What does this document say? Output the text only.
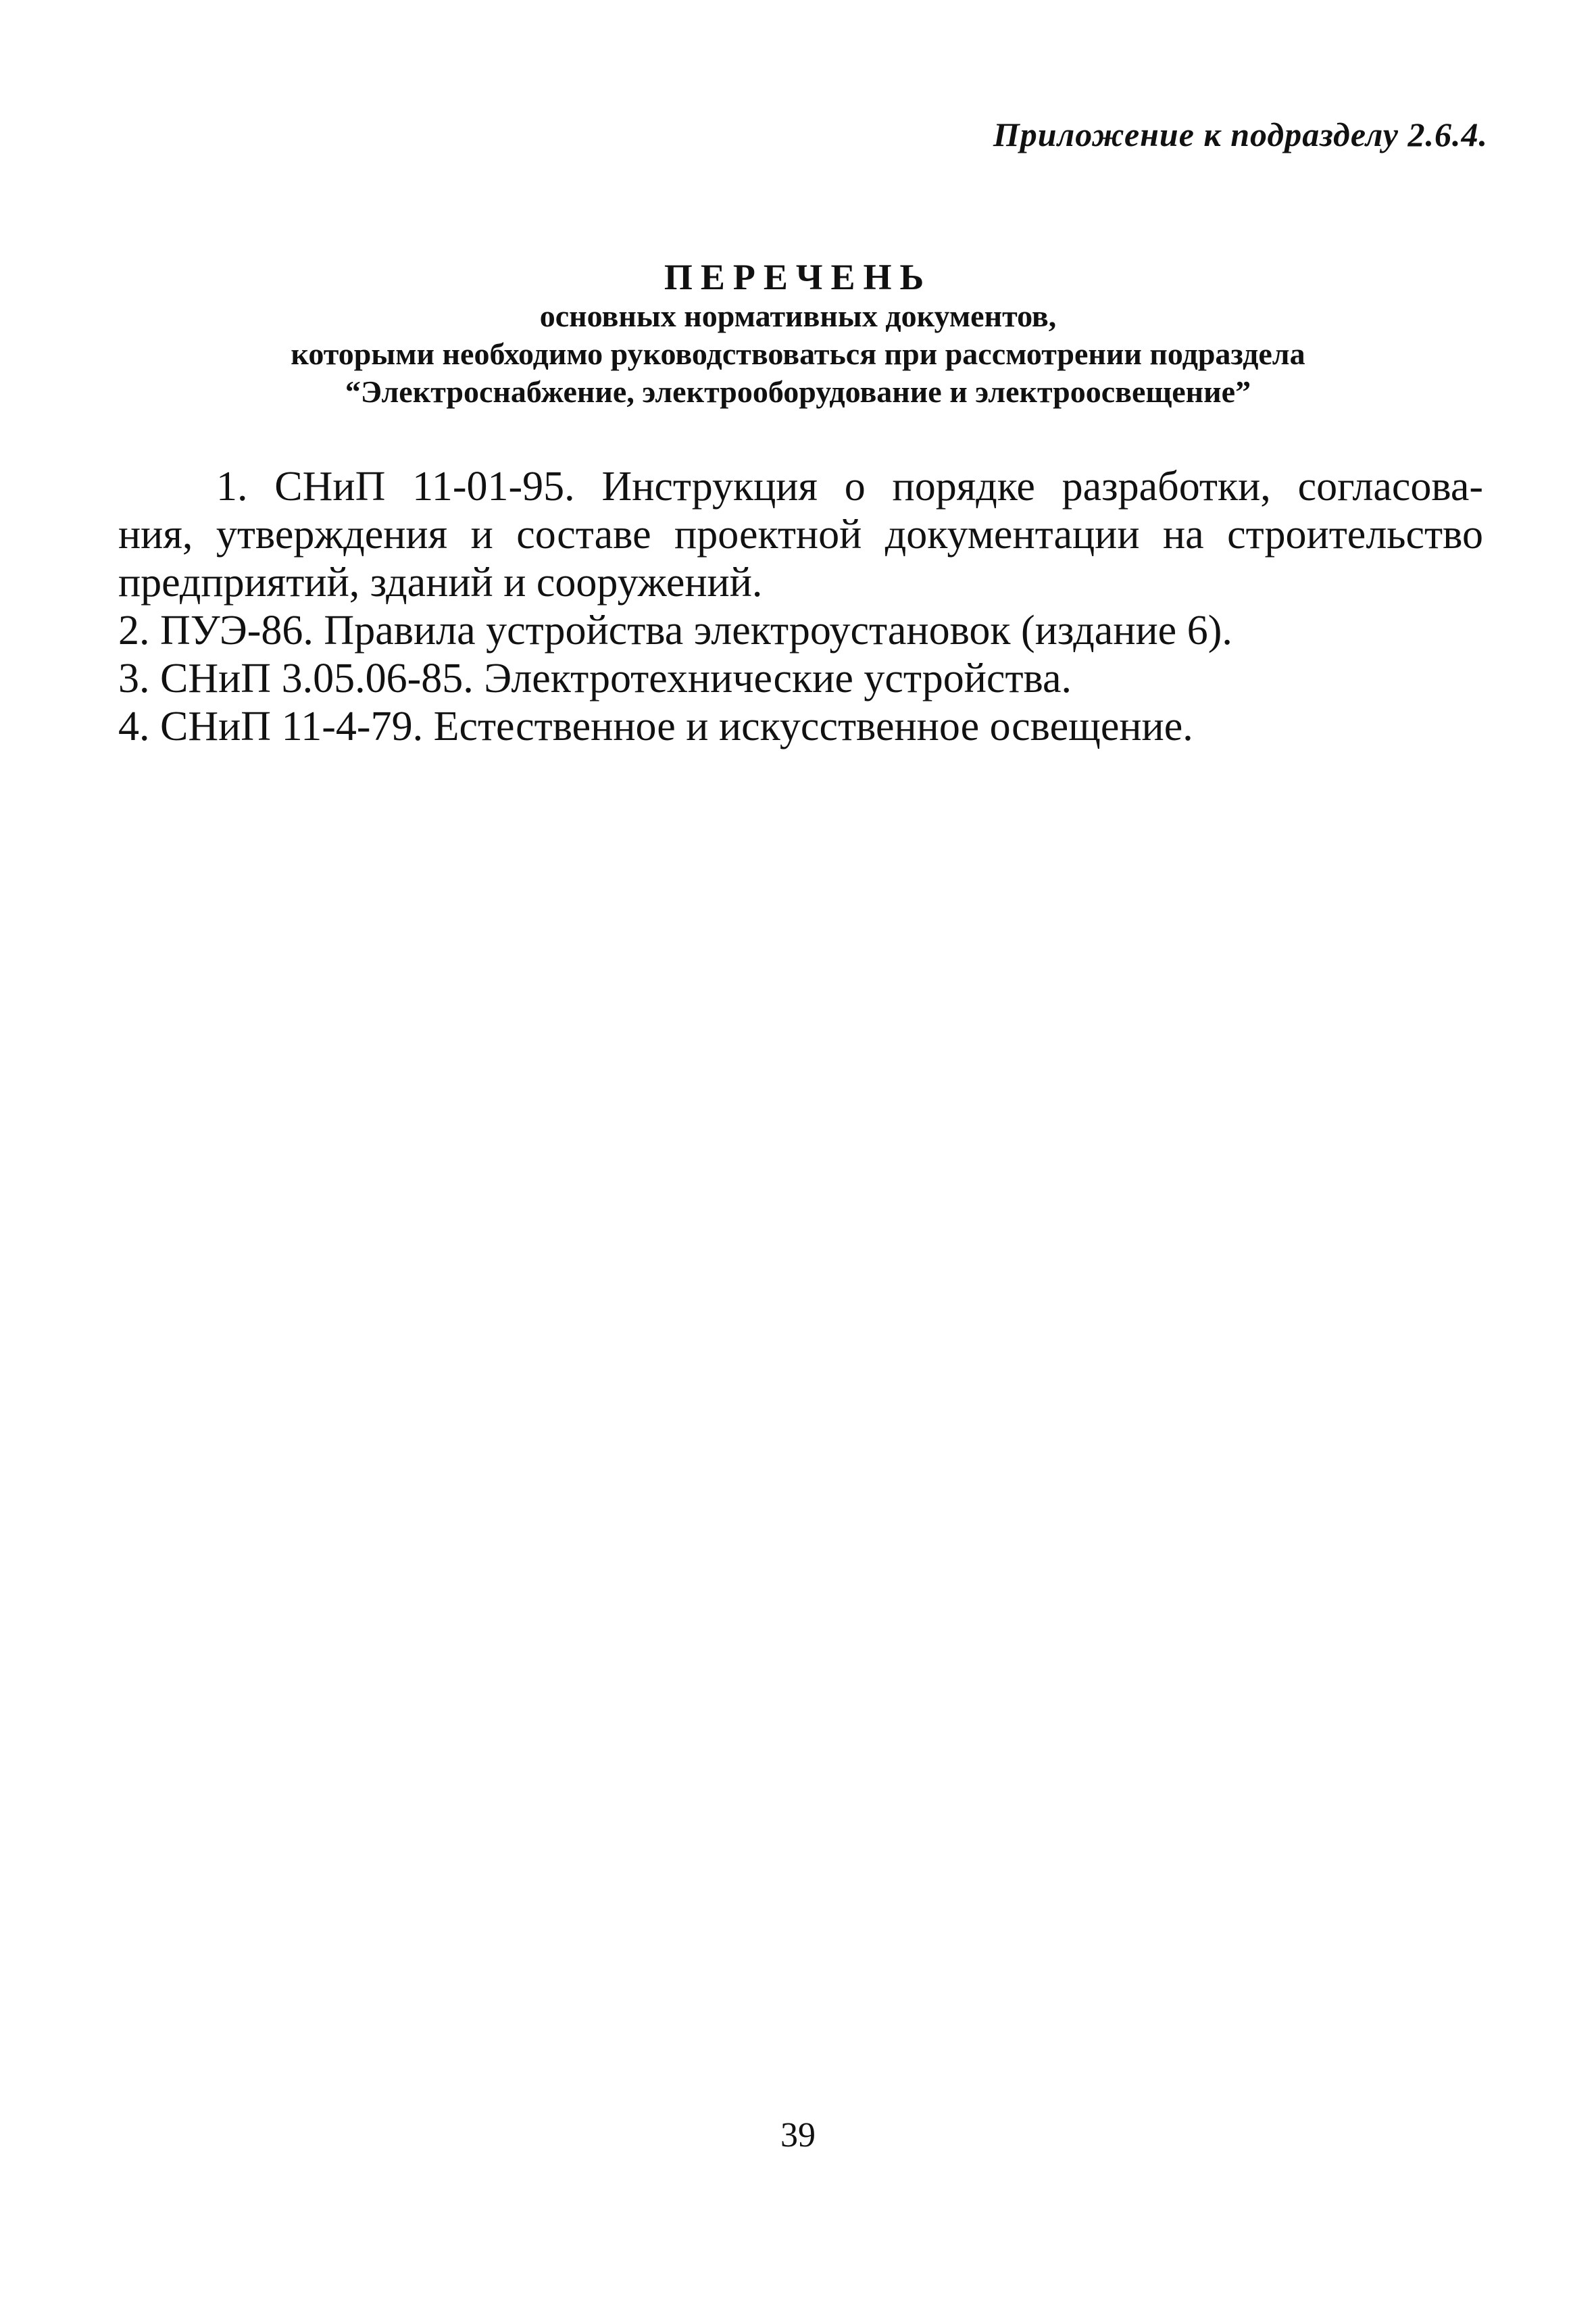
Приложение к подразделу 2.6.4.

ПЕРЕЧЕНЬ

основных нормативных документов,

которыми необходимо руководствоваться при рассмотрении подраздела

“Электроснабжение, электрооборудование и электроосвещение”

1. СНиП 11-01-95. Инструкция о порядке разработки, согласова-
ния, утверждения и составе проектной документации на строительство
предприятий, зданий и сооружений.
2. ПУЭ-86. Правила устройства электроустановок (издание 6).
3. СНиП 3.05.06-85. Электротехнические устройства.
4. СНиП 11-4-79. Естественное и искусственное освещение.
39
